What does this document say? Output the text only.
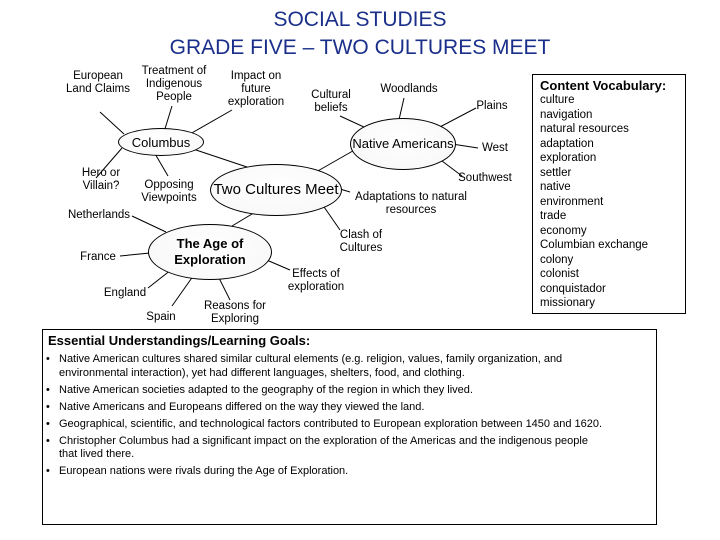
SOCIAL STUDIES
GRADE FIVE – TWO CULTURES MEET
Columbus	Native Americans
Two Cultures Meet
The Age of Exploration
European Land Claims
Treatment of Indigenous People
Impact on future exploration
Cultural beliefs
Woodlands
Plains
West
Southwest
Hero or Villain?	Opposing Viewpoints
Netherlands
Adaptations to natural resources
Clash of Cultures
Effects of exploration
France
England
Spain
Reasons for Exploring
Content Vocabulary:
culture
navigation
natural resources
adaptation
exploration
settler
native
environment
trade
economy
Columbian exchange
colony
colonist
conquistador
missionary
Essential Understandings/Learning Goals:
• Native American cultures shared similar cultural elements (e.g. religion, values, family organization, and environmental interaction), yet had different languages, shelters, food, and clothing.
• Native American societies adapted to the geography of the region in which they lived.
• Native Americans and Europeans differed on the way they viewed the land.
• Geographical, scientific, and technological factors contributed to European exploration between 1450 and 1620.
• Christopher Columbus had a significant impact on the exploration of the Americas and the indigenous people that lived there.
• European nations were rivals during the Age of Exploration.
